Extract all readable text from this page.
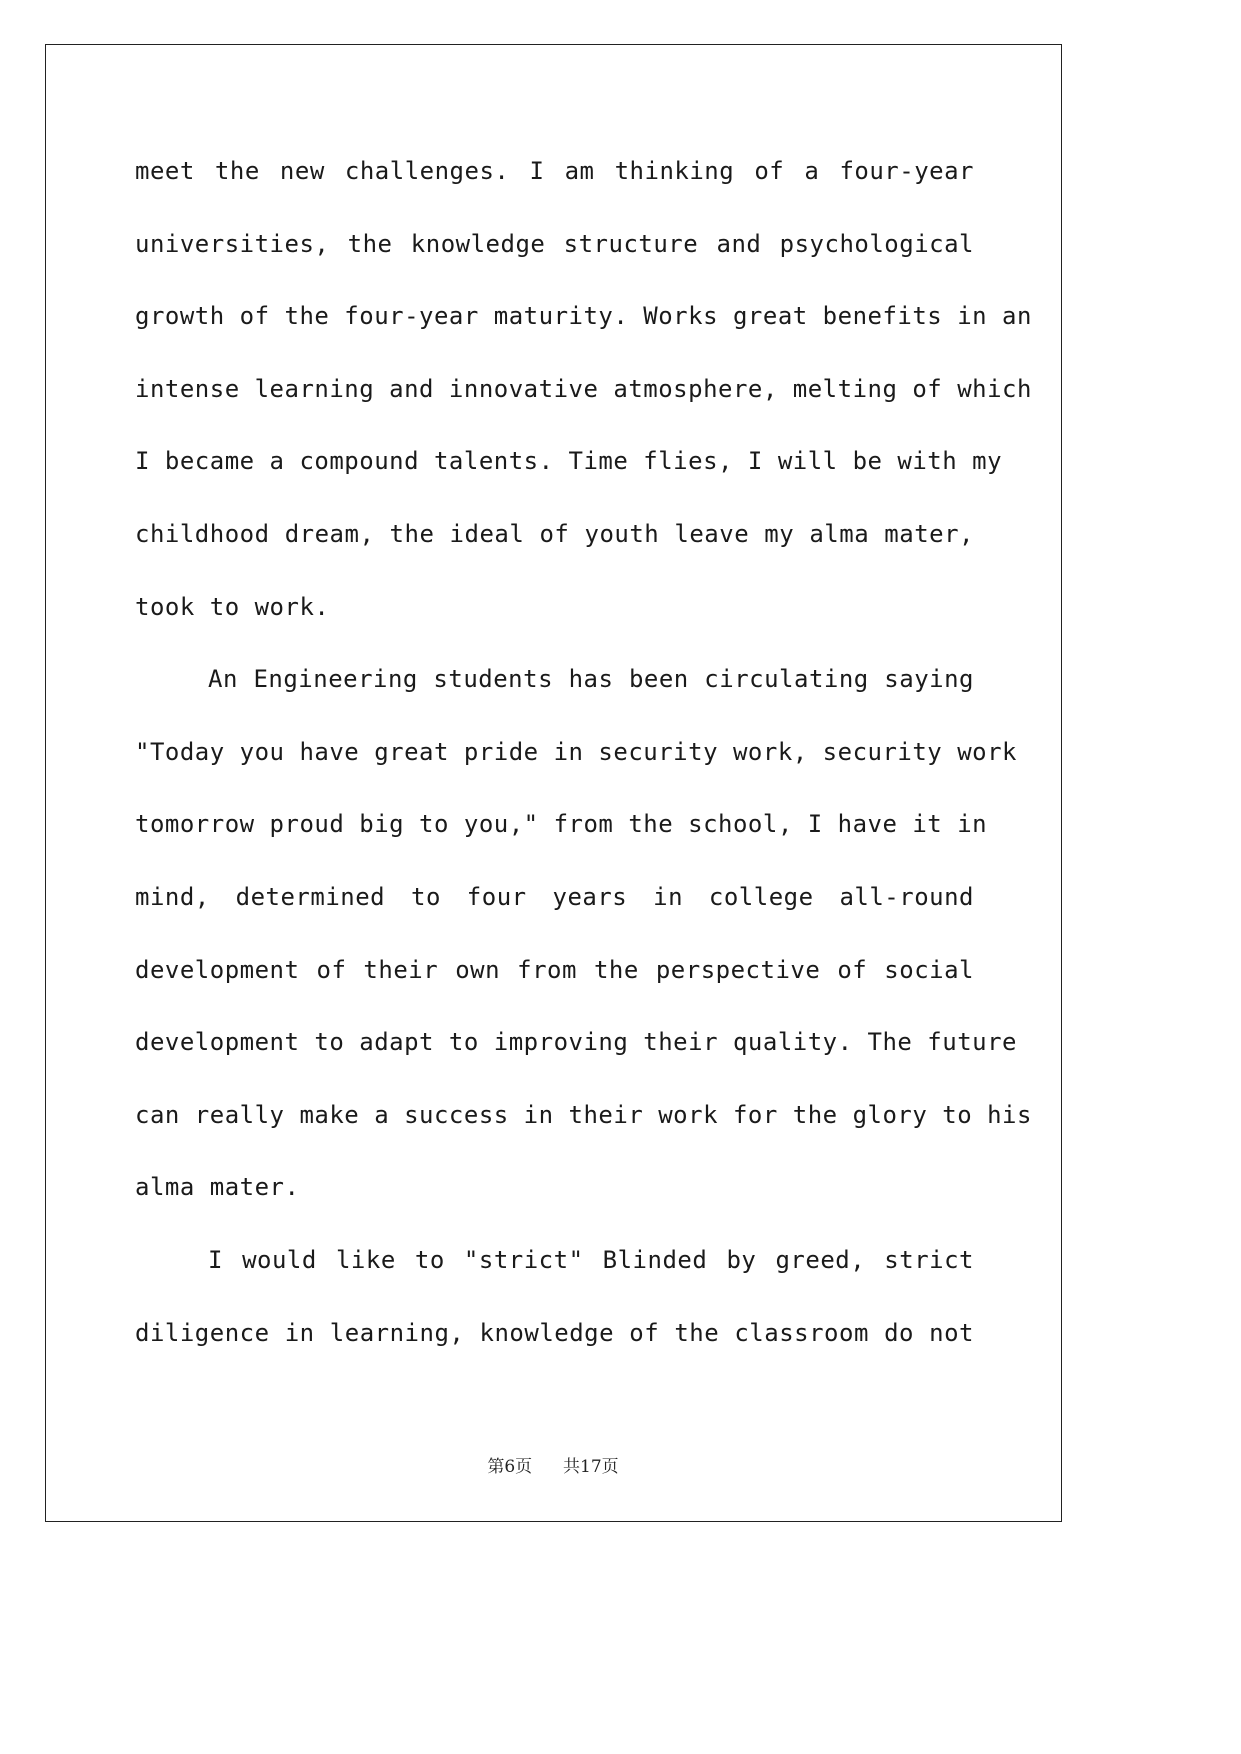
meet the new challenges. I am thinking of a four-year
universities, the knowledge structure and psychological
growth of the four-year maturity. Works great benefits in an
intense learning and innovative atmosphere, melting of which
I became a compound talents. Time flies, I will be with my
childhood dream, the ideal of youth leave my alma mater,
took to work.
An Engineering students has been circulating saying
"Today you have great pride in security work, security work
tomorrow proud big to you," from the school, I have it in
mind, determined to four years in college all-round
development of their own from the perspective of social
development to adapt to improving their quality. The future
can really make a success in their work for the glory to his
alma mater.
I would like to "strict" Blinded by greed, strict
diligence in learning, knowledge of the classroom do not
第6页 共17页
